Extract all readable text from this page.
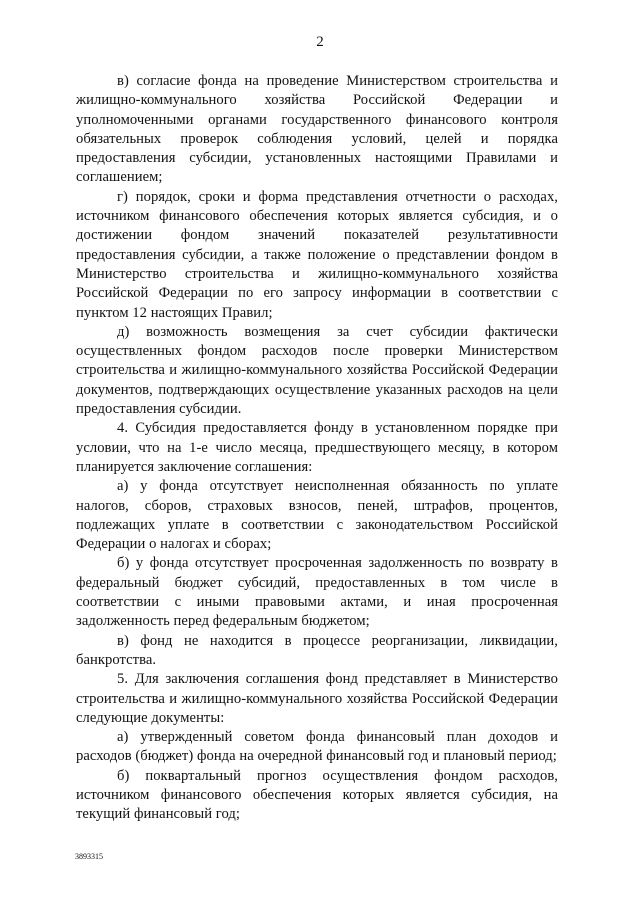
2

в) согласие фонда на проведение Министерством строительства и жилищно-коммунального хозяйства Российской Федерации и уполномоченными органами государственного финансового контроля обязательных проверок соблюдения условий, целей и порядка предоставления субсидии, установленных настоящими Правилами и соглашением;

г) порядок, сроки и форма представления отчетности о расходах, источником финансового обеспечения которых является субсидия, и о достижении фондом значений показателей результативности предоставления субсидии, а также положение о представлении фондом в Министерство строительства и жилищно-коммунального хозяйства Российской Федерации по его запросу информации в соответствии с пунктом 12 настоящих Правил;

д) возможность возмещения за счет субсидии фактически осуществленных фондом расходов после проверки Министерством строительства и жилищно-коммунального хозяйства Российской Федерации документов, подтверждающих осуществление указанных расходов на цели предоставления субсидии.

4. Субсидия предоставляется фонду в установленном порядке при условии, что на 1-е число месяца, предшествующего месяцу, в котором планируется заключение соглашения:

а) у фонда отсутствует неисполненная обязанность по уплате налогов, сборов, страховых взносов, пеней, штрафов, процентов, подлежащих уплате в соответствии с законодательством Российской Федерации о налогах и сборах;

б) у фонда отсутствует просроченная задолженность по возврату в федеральный бюджет субсидий, предоставленных в том числе в соответствии с иными правовыми актами, и иная просроченная задолженность перед федеральным бюджетом;

в) фонд не находится в процессе реорганизации, ликвидации, банкротства.

5. Для заключения соглашения фонд представляет в Министерство строительства и жилищно-коммунального хозяйства Российской Федерации следующие документы:

а) утвержденный советом фонда финансовый план доходов и расходов (бюджет) фонда на очередной финансовый год и плановый период;

б) поквартальный прогноз осуществления фондом расходов, источником финансового обеспечения которых является субсидия, на текущий финансовый год;

3893315
